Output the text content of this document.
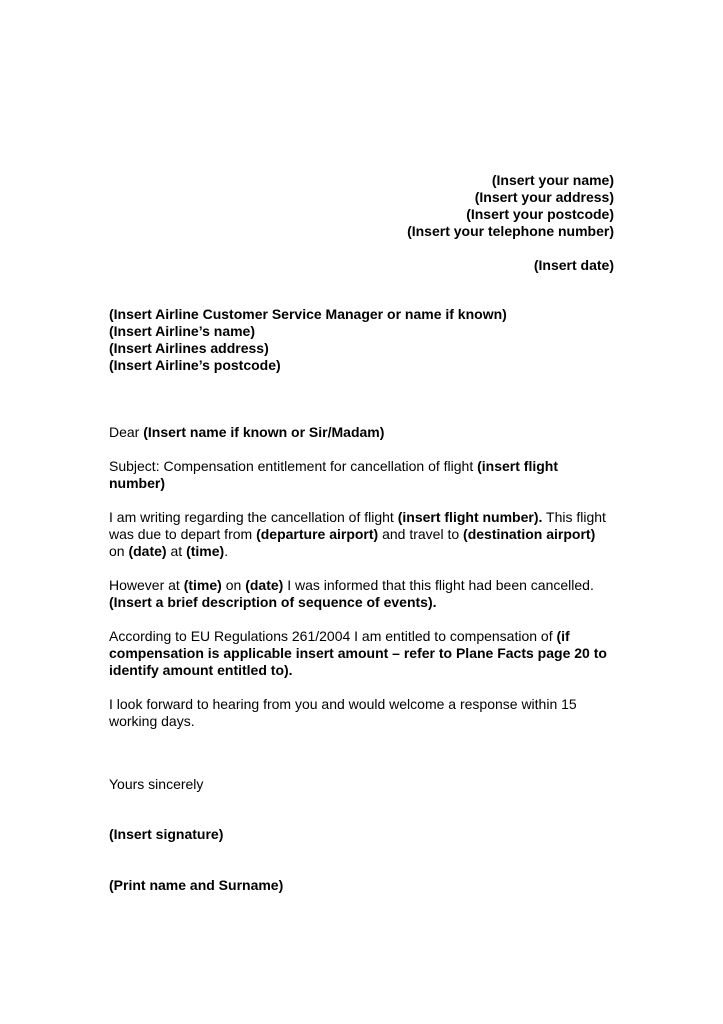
(Insert your name)
(Insert your address)
(Insert your postcode)
(Insert your telephone number)
(Insert date)
(Insert Airline Customer Service Manager or name if known)
(Insert Airline’s name)
(Insert Airlines address)
(Insert Airline’s postcode)

Dear (Insert name if known or Sir/Madam)

Subject: Compensation entitlement for cancellation of flight (insert flight number)

I am writing regarding the cancellation of flight (insert flight number). This flight was due to depart from (departure airport) and travel to (destination airport) on (date) at (time).

However at (time) on (date) I was informed that this flight had been cancelled. (Insert a brief description of sequence of events).

According to EU Regulations 261/2004 I am entitled to compensation of (if compensation is applicable insert amount – refer to Plane Facts page 20 to identify amount entitled to).

I look forward to hearing from you and would welcome a response within 15 working days.

Yours sincerely
(Insert signature)
(Print name and Surname)
